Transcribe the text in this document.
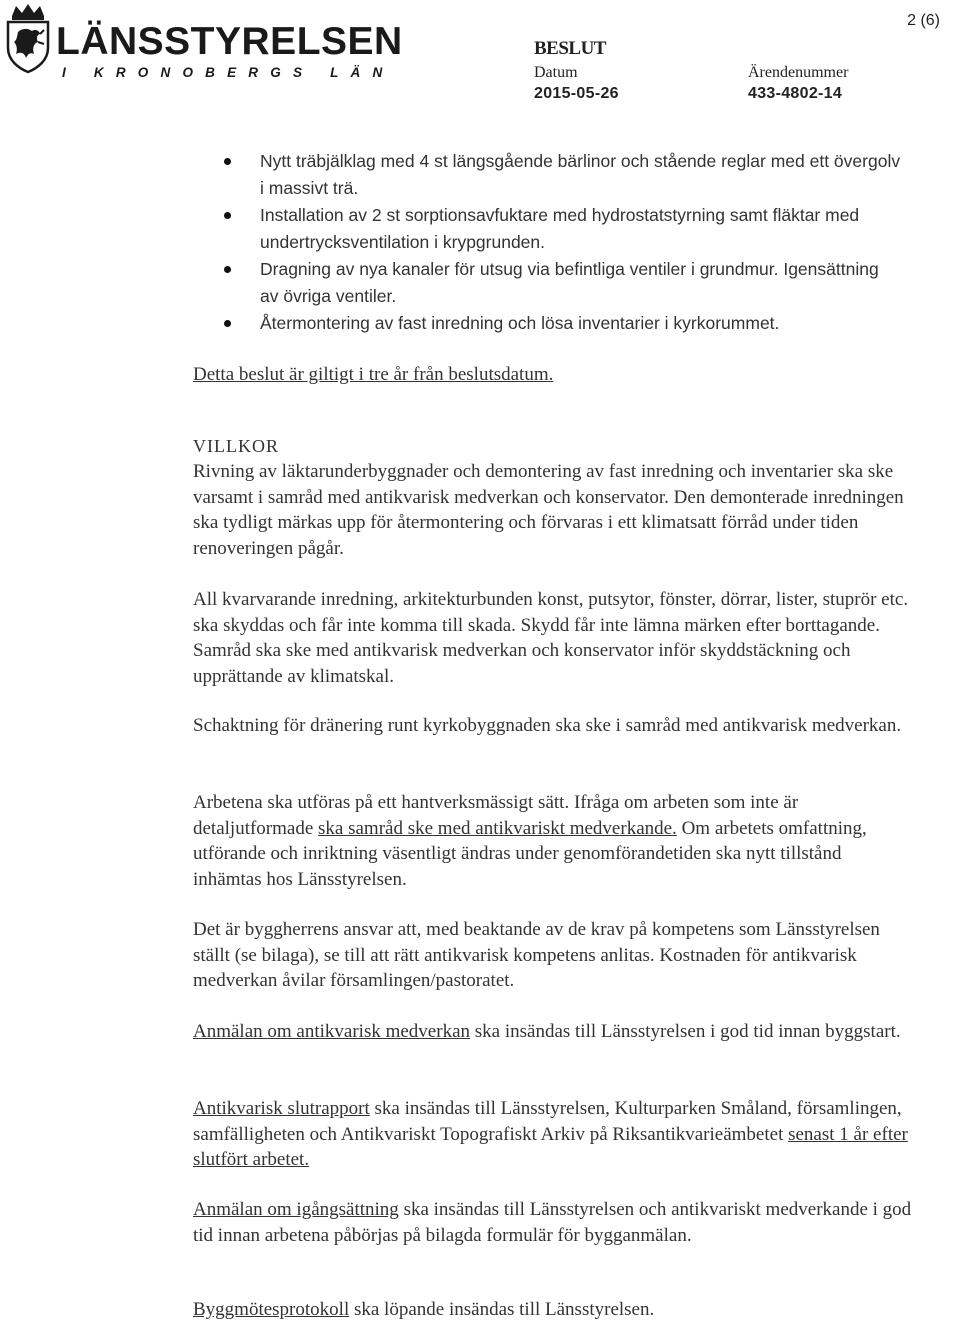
LÄNSSTYRELSEN
I KRONOBERGS LÄN
BESLUT
Datum
2015-05-26
Ärendenummer
433-4802-14
2 (6)
Nytt träbjälklag med 4 st längsgående bärlinor och stående reglar med ett övergolv i massivt trä.
Installation av 2 st sorptionsavfuktare med hydrostatstyrning samt fläktar med undertrycksventilation i krypgrunden.
Dragning av nya kanaler för utsug via befintliga ventiler i grundmur. Igensättning av övriga ventiler.
Återmontering av fast inredning och lösa inventarier i kyrkorummet.

Detta beslut är giltigt i tre år från beslutsdatum.

VILLKOR

Rivning av läktarunderbyggnader och demontering av fast inredning och inventarier ska ske varsamt i samråd med antikvarisk medverkan och konservator. Den demonterade inredningen ska tydligt märkas upp för återmontering och förvaras i ett klimatsatt förråd under tiden renoveringen pågår.

All kvarvarande inredning, arkitekturbunden konst, putsytor, fönster, dörrar, lister, stuprör etc. ska skyddas och får inte komma till skada. Skydd får inte lämna märken efter borttagande. Samråd ska ske med antikvarisk medverkan och konservator inför skyddstäckning och upprättande av klimatskal.

Schaktning för dränering runt kyrkobyggnaden ska ske i samråd med antikvarisk medverkan.

Arbetena ska utföras på ett hantverksmässigt sätt. Ifråga om arbeten som inte är detaljutformade ska samråd ske med antikvariskt medverkande. Om arbetets omfattning, utförande och inriktning väsentligt ändras under genomförandetiden ska nytt tillstånd inhämtas hos Länsstyrelsen.

Det är byggherrens ansvar att, med beaktande av de krav på kompetens som Länsstyrelsen ställt (se bilaga), se till att rätt antikvarisk kompetens anlitas. Kostnaden för antikvarisk medverkan åvilar församlingen/pastoratet.

Anmälan om antikvarisk medverkan ska insändas till Länsstyrelsen i god tid innan byggstart.

Antikvarisk slutrapport ska insändas till Länsstyrelsen, Kulturparken Småland, församlingen, samfälligheten och Antikvariskt Topografiskt Arkiv på Riksantikvarieämbetet senast 1 år efter slutfört arbetet.

Anmälan om igångsättning ska insändas till Länsstyrelsen och antikvariskt medverkande i god tid innan arbetena påbörjas på bilagda formulär för bygganmälan.

Byggmötesprotokoll ska löpande insändas till Länsstyrelsen.
